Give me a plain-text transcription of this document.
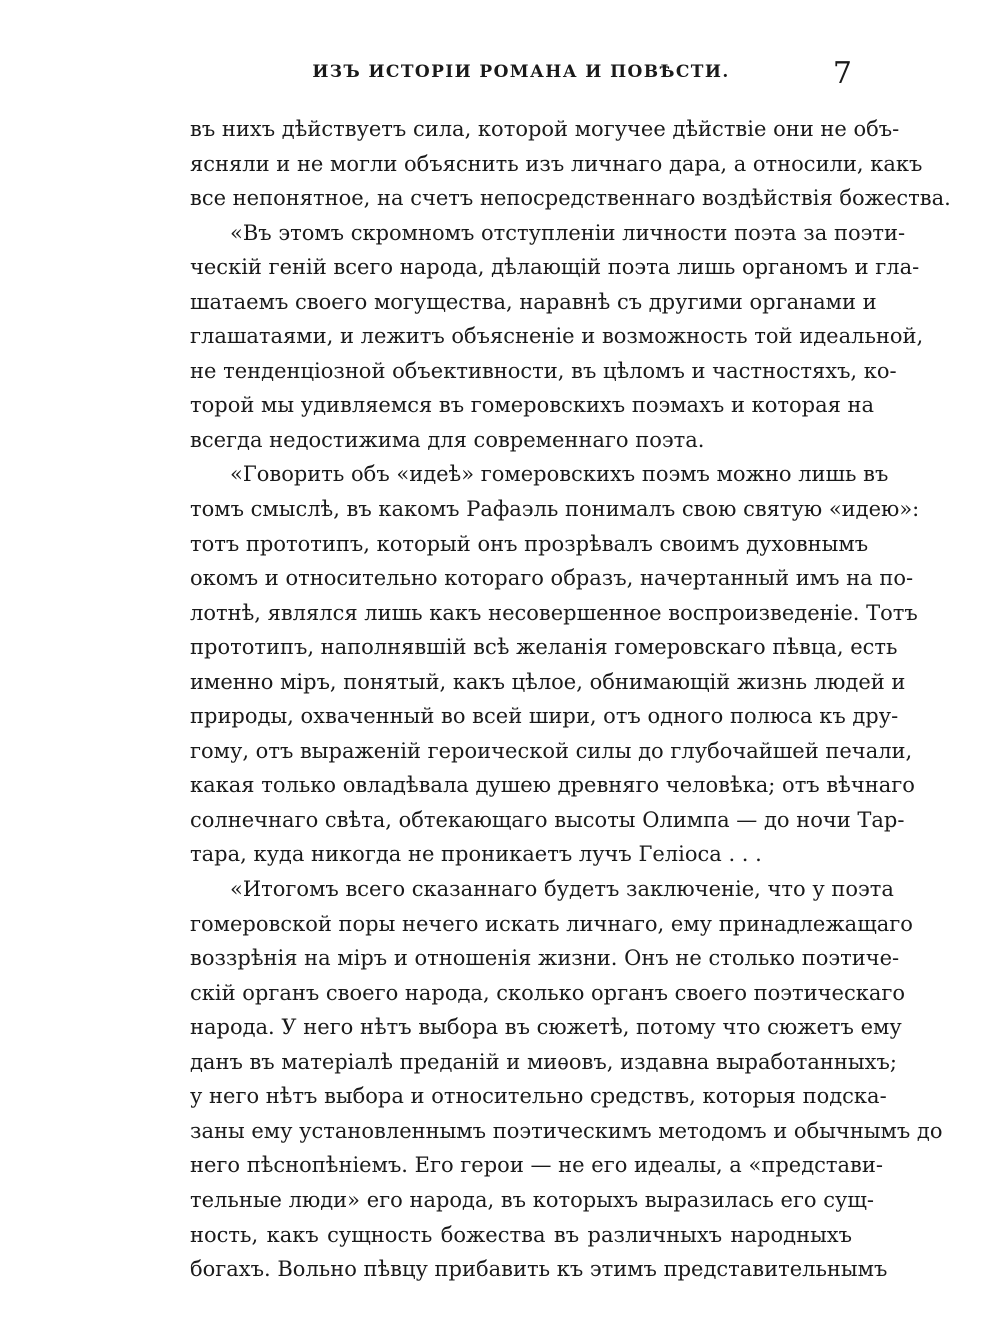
ИЗЪ ИСТОРІИ РОМАНА И ПОВѢСТИ.	7
въ нихъ дѣйствуетъ сила, которой могучее дѣйствіе они не объ-
ясняли и не могли объяснить изъ личнаго дара, а относили, какъ
все непонятное, на счетъ непосредственнаго воздѣйствія божества.
«Въ этомъ скромномъ отступленіи личности поэта за поэти-
ческій геній всего народа, дѣлающій поэта лишь органомъ и гла-
шатаемъ своего могущества, наравнѣ съ другими органами и
глашатаями, и лежитъ объясненіе и возможность той идеальной,
не тенденціозной объективности, въ цѣломъ и частностяхъ, ко-
торой мы удивляемся въ гомеровскихъ поэмахъ и которая на
всегда недостижима для современнаго поэта.
«Говорить объ «идеѣ» гомеровскихъ поэмъ можно лишь въ
томъ смыслѣ, въ какомъ Рафаэль понималъ свою святую «идею»:
тотъ прототипъ, который онъ прозрѣвалъ своимъ духовнымъ
окомъ и относительно котораго образъ, начертанный имъ на по-
лотнѣ, являлся лишь какъ несовершенное воспроизведеніе. Тотъ
прототипъ, наполнявшій всѣ желанія гомеровскаго пѣвца, есть
именно міръ, понятый, какъ цѣлое, обнимающій жизнь людей и
природы, охваченный во всей шири, отъ одного полюса къ дру-
гому, отъ выраженій героической силы до глубочайшей печали,
какая только овладѣвала душею древняго человѣка; отъ вѣчнаго
солнечнаго свѣта, обтекающаго высоты Олимпа — до ночи Тар-
тара, куда никогда не проникаетъ лучъ Геліоса . . .
«Итогомъ всего сказаннаго будетъ заключеніе, что у поэта
гомеровской поры нечего искать личнаго, ему принадлежащаго
воззрѣнія на міръ и отношенія жизни. Онъ не столько поэтиче-
скій органъ своего народа, сколько органъ своего поэтическаго
народа. У него нѣтъ выбора въ сюжетѣ, потому что сюжетъ ему
данъ въ матеріалѣ преданій и миѳовъ, издавна выработанныхъ;
у него нѣтъ выбора и относительно средствъ, которыя подска-
заны ему установленнымъ поэтическимъ методомъ и обычнымъ до
него пѣснопѣніемъ. Его герои — не его идеалы, а «представи-
тельные люди» его народа, въ которыхъ выразилась его сущ-
ность, какъ сущность божества въ различныхъ народныхъ
богахъ. Вольно пѣвцу прибавить къ этимъ представительнымъ
